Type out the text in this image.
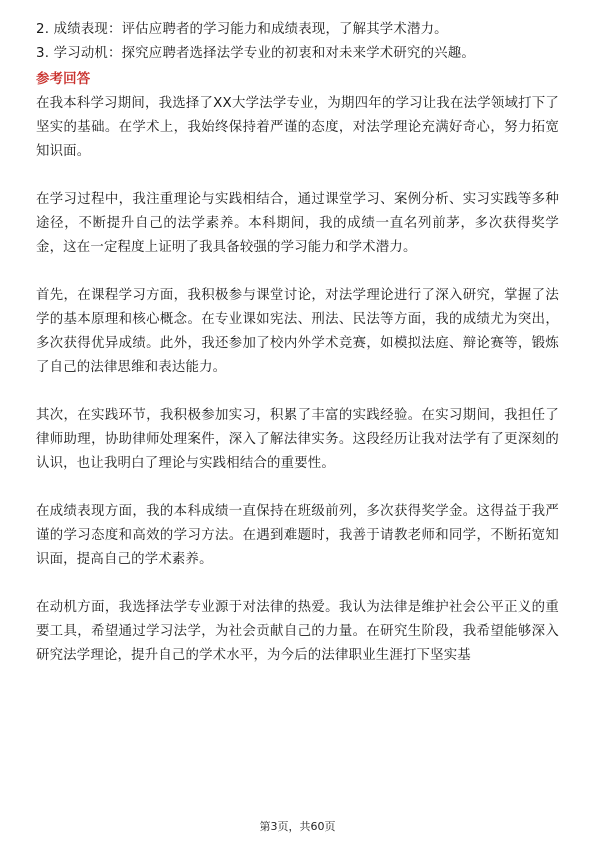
2. 成绩表现：评估应聘者的学习能力和成绩表现，了解其学术潜力。

3. 学习动机：探究应聘者选择法学专业的初衷和对未来学术研究的兴趣。

参考回答

在我本科学习期间，我选择了XX大学法学专业，为期四年的学习让我在法学领域打下了坚实的基础。在学术上，我始终保持着严谨的态度，对法学理论充满好奇心，努力拓宽知识面。

在学习过程中，我注重理论与实践相结合，通过课堂学习、案例分析、实习实践等多种途径，不断提升自己的法学素养。本科期间，我的成绩一直名列前茅，多次获得奖学金，这在一定程度上证明了我具备较强的学习能力和学术潜力。

首先，在课程学习方面，我积极参与课堂讨论，对法学理论进行了深入研究，掌握了法学的基本原理和核心概念。在专业课如宪法、刑法、民法等方面，我的成绩尤为突出，多次获得优异成绩。此外，我还参加了校内外学术竞赛，如模拟法庭、辩论赛等，锻炼了自己的法律思维和表达能力。

其次，在实践环节，我积极参加实习，积累了丰富的实践经验。在实习期间，我担任了律师助理，协助律师处理案件，深入了解法律实务。这段经历让我对法学有了更深刻的认识，也让我明白了理论与实践相结合的重要性。

在成绩表现方面，我的本科成绩一直保持在班级前列，多次获得奖学金。这得益于我严谨的学习态度和高效的学习方法。在遇到难题时，我善于请教老师和同学，不断拓宽知识面，提高自己的学术素养。

在动机方面，我选择法学专业源于对法律的热爱。我认为法律是维护社会公平正义的重要工具，希望通过学习法学，为社会贡献自己的力量。在研究生阶段，我希望能够深入研究法学理论，提升自己的学术水平，为今后的法律职业生涯打下坚实基

第3页，共60页
